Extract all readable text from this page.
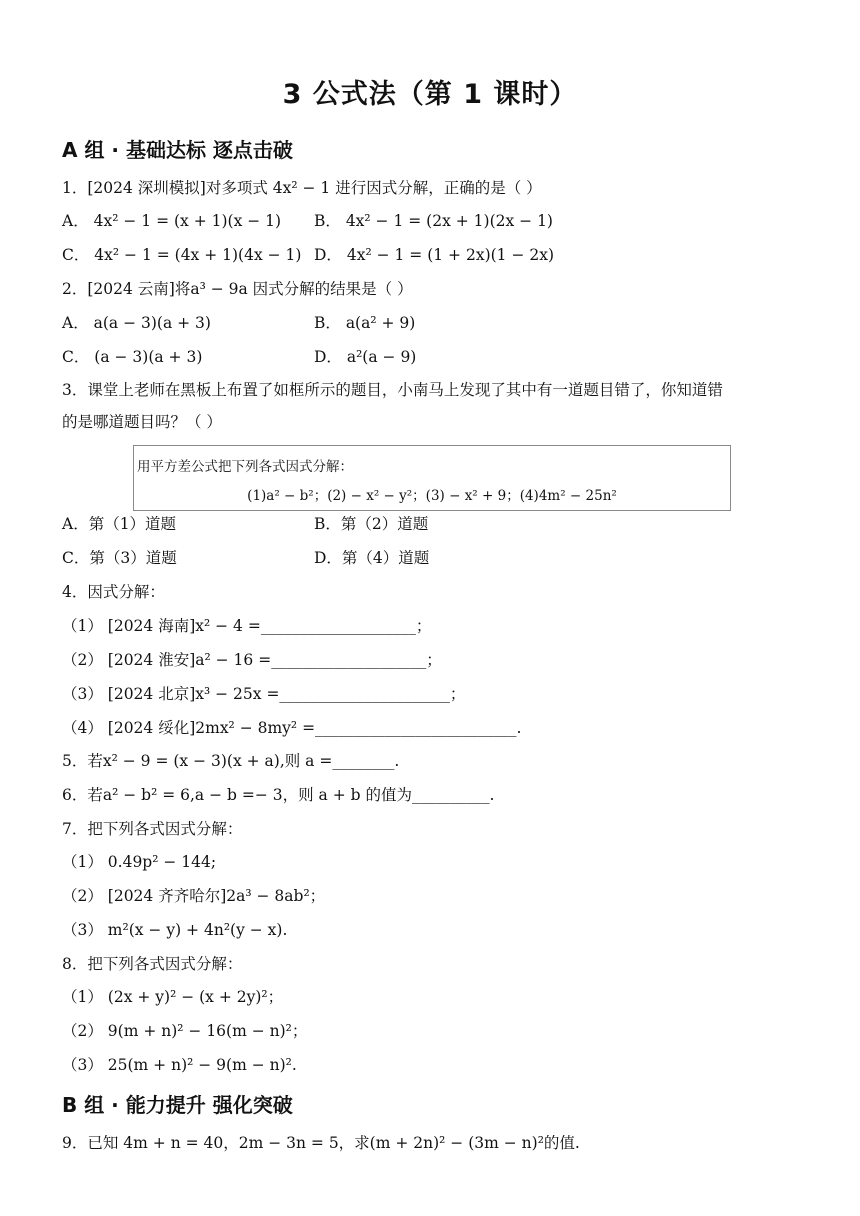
3 公式法（第 1 课时）
A 组 · 基础达标 逐点击破
1．[2024 深圳模拟]对多项式 4x² − 1 进行因式分解，正确的是（ ）
A． 4x² − 1 = (x + 1)(x − 1) B． 4x² − 1 = (2x + 1)(2x − 1)
C． 4x² − 1 = (4x + 1)(4x − 1) D． 4x² − 1 = (1 + 2x)(1 − 2x)
2．[2024 云南]将a³ − 9a 因式分解的结果是（ ）
A． a(a − 3)(a + 3)	B． a(a² + 9)
C． (a − 3)(a + 3)	D． a²(a − 9)
3．课堂上老师在黑板上布置了如框所示的题目，小南马上发现了其中有一道题目错了，你知道错
的是哪道题目吗？（ ）
用平方差公式把下列各式因式分解：
(1)a² − b²；(2) − x² − y²；(3) − x² + 9；(4)4m² − 25n²
A．第（1）道题	B．第（2）道题
C．第（3）道题	D．第（4）道题
4．因式分解：
（1） [2024 海南]x² − 4 =____________________；
（2） [2024 淮安]a² − 16 =____________________；
（3） [2024 北京]x³ − 25x =______________________；
（4） [2024 绥化]2mx² − 8my² =__________________________.
5．若x² − 9 = (x − 3)(x + a),则 a =________.
6．若a² − b² = 6,a − b =− 3，则 a + b 的值为__________.
7．把下列各式因式分解：
（1） 0.49p² − 144;
（2） [2024 齐齐哈尔]2a³ − 8ab²；
（3） m²(x − y) + 4n²(y − x).
8．把下列各式因式分解：
（1） (2x + y)² − (x + 2y)²；
（2） 9(m + n)² − 16(m − n)²；
（3） 25(m + n)² − 9(m − n)².
B 组 · 能力提升 强化突破
9．已知 4m + n = 40，2m − 3n = 5，求(m + 2n)² − (3m − n)²的值.
